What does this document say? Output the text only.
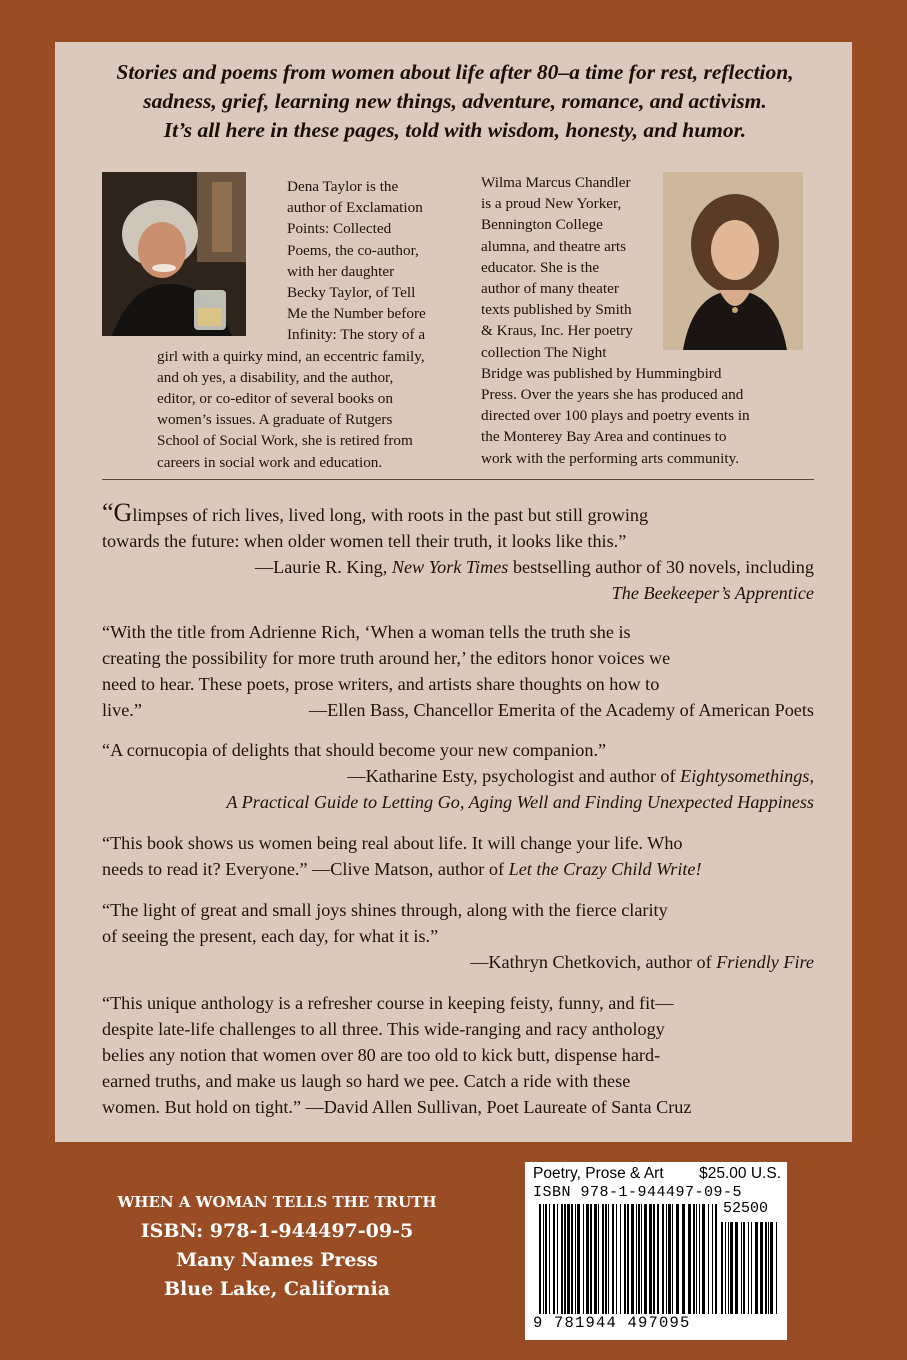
Stories and poems from women about life after 80–a time for rest, reflection,

sadness, grief, learning new things, adventure, romance, and activism.

It’s all here in these pages, told with wisdom, honesty, and humor.

Dena Taylor is the

author of Exclamation

Points: Collected

Poems, the co-author,

with her daughter

Becky Taylor, of Tell

Me the Number before

Infinity: The story of a

girl with a quirky mind, an eccentric family,

and oh yes, a disability, and the author,

editor, or co-editor of several books on

women’s issues. A graduate of Rutgers

School of Social Work, she is retired from

careers in social work and education.

Wilma Marcus Chandler

is a proud New Yorker,

Bennington College

alumna, and theatre arts

educator. She is the

author of many theater

texts published by Smith

& Kraus, Inc. Her poetry

collection The Night

Bridge was published by Hummingbird

Press. Over the years she has produced and

directed over 100 plays and poetry events in

the Monterey Bay Area and continues to

work with the performing arts community.

“Glimpses of rich lives, lived long, with roots in the past but still growing

towards the future: when older women tell their truth, it looks like this.”

—Laurie R. King, New York Times bestselling author of 30 novels, including

The Beekeeper’s Apprentice

“With the title from Adrienne Rich, ‘When a woman tells the truth she is

creating the possibility for more truth around her,’ the editors honor voices we

need to hear. These poets, prose writers, and artists share thoughts on how to

live.”	—Ellen Bass, Chancellor Emerita of the Academy of American Poets

“A cornucopia of delights that should become your new companion.”

—Katharine Esty, psychologist and author of Eightysomethings,

A Practical Guide to Letting Go, Aging Well and Finding Unexpected Happiness

“This book shows us women being real about life. It will change your life. Who

needs to read it? Everyone.” —Clive Matson, author of Let the Crazy Child Write!

“The light of great and small joys shines through, along with the fierce clarity

of seeing the present, each day, for what it is.”

—Kathryn Chetkovich, author of Friendly Fire

“This unique anthology is a refresher course in keeping feisty, funny, and fit—

despite late-life challenges to all three. This wide-ranging and racy anthology

belies any notion that women over 80 are too old to kick butt, dispense hard-

earned truths, and make us laugh so hard we pee. Catch a ride with these

women. But hold on tight.” —David Allen Sullivan, Poet Laureate of Santa Cruz

WHEN A WOMAN TELLS THE TRUTH

ISBN: 978-1-944497-09-5

Many Names Press

Blue Lake, California

Poetry, Prose & Art $25.00 U.S.
ISBN 978-1-944497-09-5
52500
9 781944 497095
